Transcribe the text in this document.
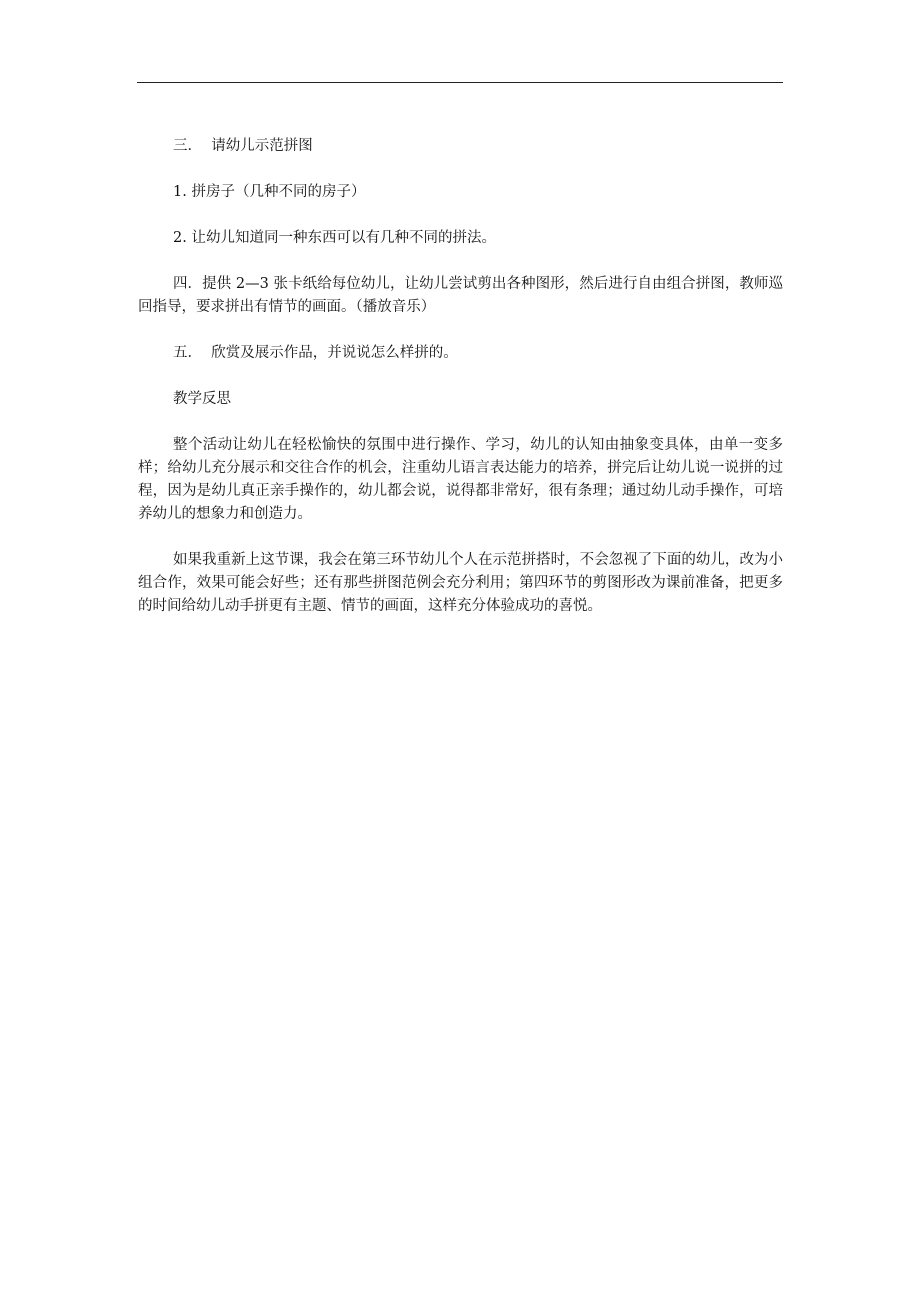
三．  请幼儿示范拼图

1. 拼房子（几种不同的房子）

2. 让幼儿知道同一种东西可以有几种不同的拼法。

四．提供 2—3 张卡纸给每位幼儿，让幼儿尝试剪出各种图形，然后进行自由组合拼图，教师巡回指导，要求拼出有情节的画面。（播放音乐）

五．  欣赏及展示作品，并说说怎么样拼的。

教学反思

整个活动让幼儿在轻松愉快的氛围中进行操作、学习，幼儿的认知由抽象变具体，由单一变多样；给幼儿充分展示和交往合作的机会，注重幼儿语言表达能力的培养，拼完后让幼儿说一说拼的过程，因为是幼儿真正亲手操作的，幼儿都会说，说得都非常好，很有条理；通过幼儿动手操作，可培养幼儿的想象力和创造力。

如果我重新上这节课，我会在第三环节幼儿个人在示范拼搭时，不会忽视了下面的幼儿，改为小组合作，效果可能会好些；还有那些拼图范例会充分利用；第四环节的剪图形改为课前准备，把更多的时间给幼儿动手拼更有主题、情节的画面，这样充分体验成功的喜悦。
